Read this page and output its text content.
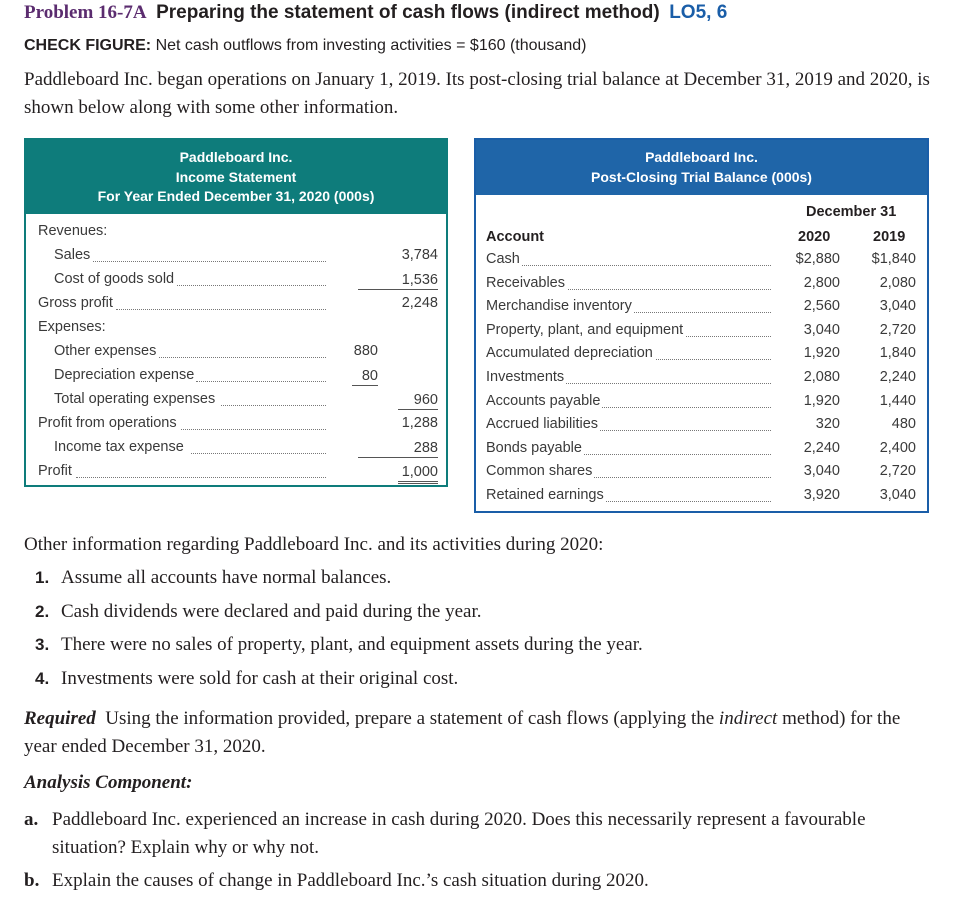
Problem 16-7A Preparing the statement of cash flows (indirect method) LO5, 6
CHECK FIGURE: Net cash outflows from investing activities = $160 (thousand)
Paddleboard Inc. began operations on January 1, 2019. Its post-closing trial balance at December 31, 2019 and 2020, is shown below along with some other information.
Paddleboard Inc.
Income Statement
For Year Ended December 31, 2020 (000s)
Revenues:
Sales	3,784
Cost of goods sold	1,536
Gross profit	2,248
Expenses:
Other expenses	880
Depreciation expense	80
Total operating expenses	960
Profit from operations	1,288
Income tax expense	288
Profit	1,000
Paddleboard Inc.
Post-Closing Trial Balance (000s)
December 31
Account	2020	2019
Cash	$2,880	$1,840
Receivables	2,800	2,080
Merchandise inventory	2,560	3,040
Property, plant, and equipment	3,040	2,720
Accumulated depreciation	1,920	1,840
Investments	2,080	2,240
Accounts payable	1,920	1,440
Accrued liabilities	320	480
Bonds payable	2,240	2,400
Common shares	3,040	2,720
Retained earnings	3,920	3,040
Other information regarding Paddleboard Inc. and its activities during 2020:
1. Assume all accounts have normal balances.
2. Cash dividends were declared and paid during the year.
3. There were no sales of property, plant, and equipment assets during the year.
4. Investments were sold for cash at their original cost.
Required Using the information provided, prepare a statement of cash flows (applying the indirect method) for the year ended December 31, 2020.
Analysis Component:
a. Paddleboard Inc. experienced an increase in cash during 2020. Does this necessarily represent a favourable situation? Explain why or why not.
b. Explain the causes of change in Paddleboard Inc.’s cash situation during 2020.
